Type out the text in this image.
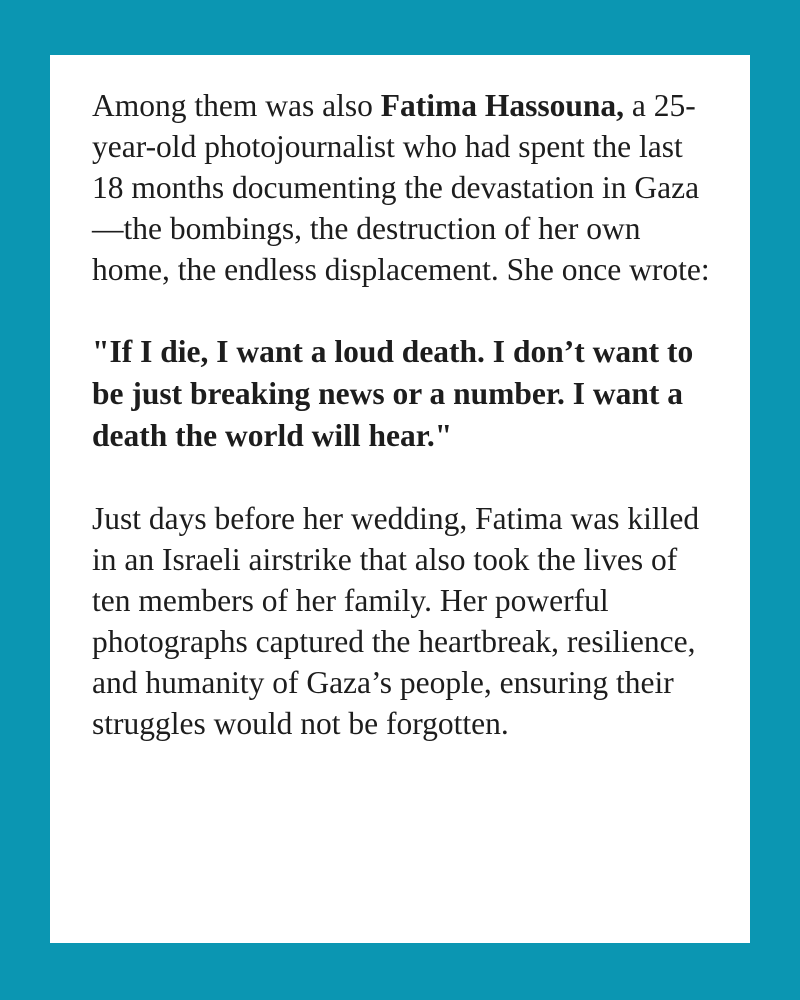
Among them was also Fatima Hassouna, a 25-year-old photojournalist who had spent the last 18 months documenting the devastation in Gaza—the bombings, the destruction of her own home, the endless displacement. She once wrote:

"If I die, I want a loud death. I don’t want to be just breaking news or a number. I want a death the world will hear."

Just days before her wedding, Fatima was killed in an Israeli airstrike that also took the lives of ten members of her family. Her powerful photographs captured the heartbreak, resilience, and humanity of Gaza’s people, ensuring their struggles would not be forgotten.
